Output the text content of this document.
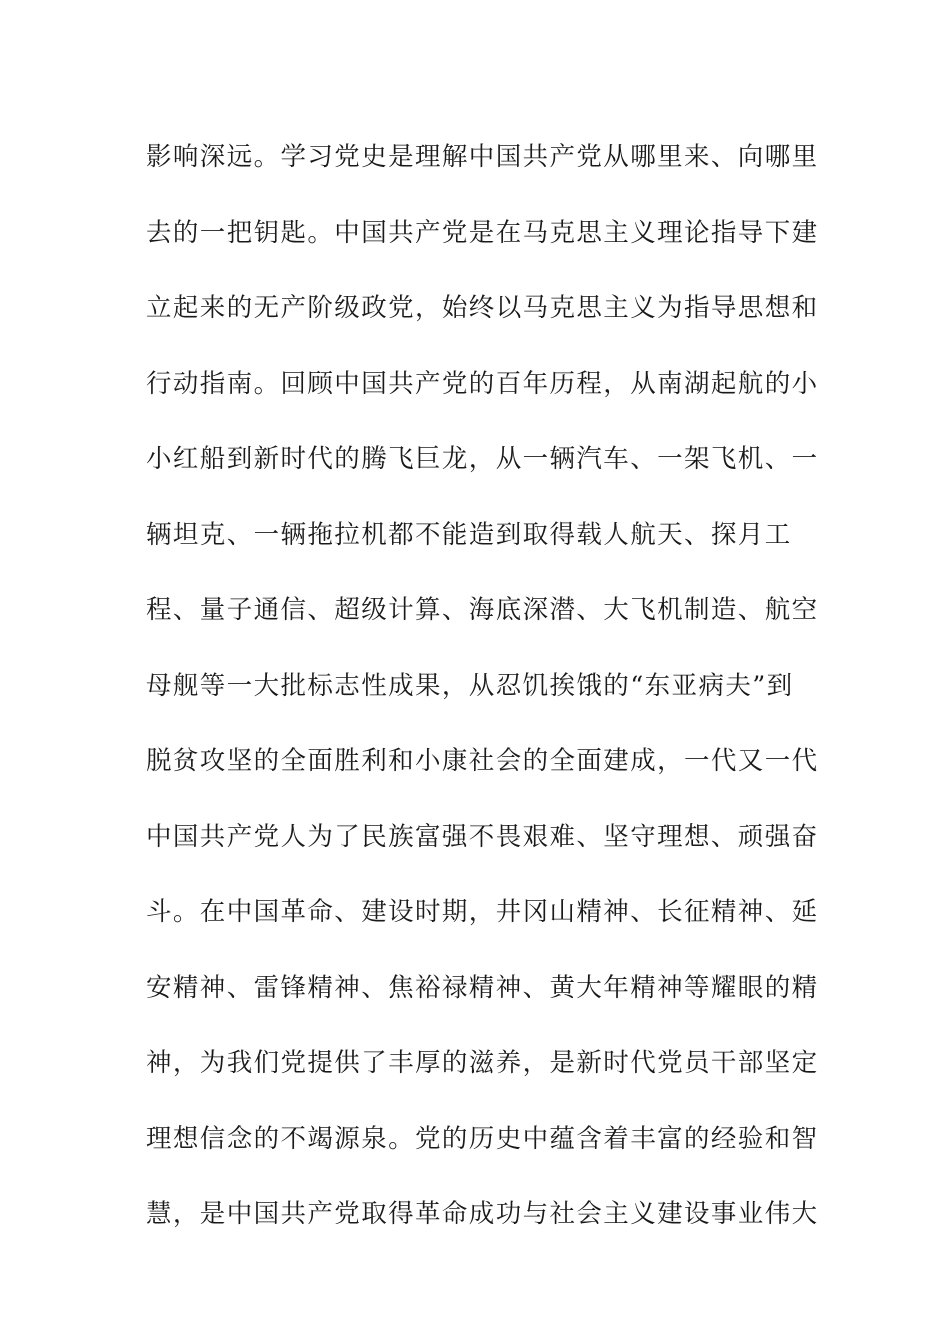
影响深远。学习党史是理解中国共产党从哪里来、向哪里
去的一把钥匙。中国共产党是在马克思主义理论指导下建
立起来的无产阶级政党，始终以马克思主义为指导思想和
行动指南。回顾中国共产党的百年历程，从南湖起航的小
小红船到新时代的腾飞巨龙，从一辆汽车、一架飞机、一
辆坦克、一辆拖拉机都不能造到取得载人航天、探月工
程、量子通信、超级计算、海底深潜、大飞机制造、航空
母舰等一大批标志性成果，从忍饥挨饿的“东亚病夫”到
脱贫攻坚的全面胜利和小康社会的全面建成，一代又一代
中国共产党人为了民族富强不畏艰难、坚守理想、顽强奋
斗。在中国革命、建设时期，井冈山精神、长征精神、延
安精神、雷锋精神、焦裕禄精神、黄大年精神等耀眼的精
神，为我们党提供了丰厚的滋养，是新时代党员干部坚定
理想信念的不竭源泉。党的历史中蕴含着丰富的经验和智
慧，是中国共产党取得革命成功与社会主义建设事业伟大
